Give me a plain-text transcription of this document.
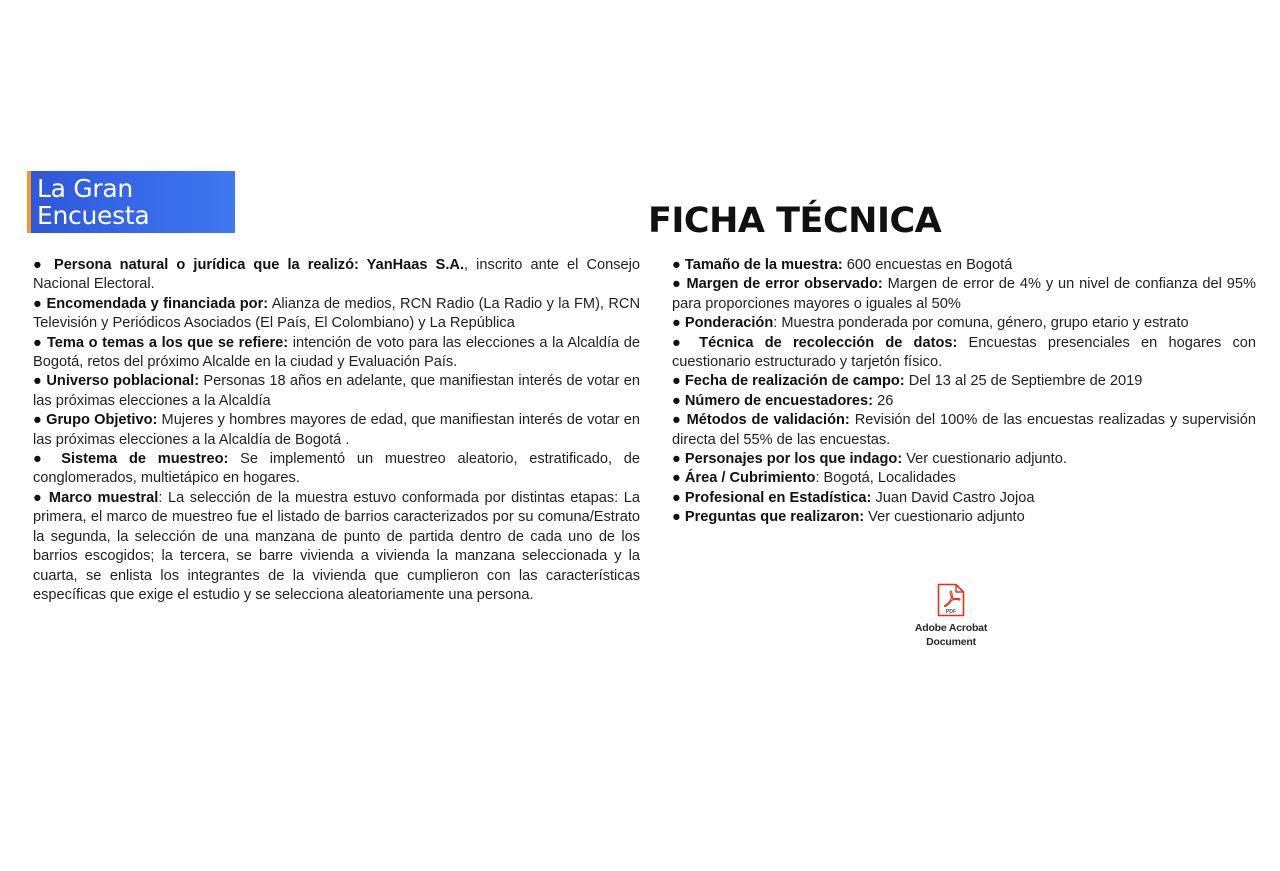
La Gran
Encuesta	FICHA TÉCNICA

● Persona natural o jurídica que la realizó: YanHaas S.A., inscrito ante el Consejo Nacional Electoral.

● Encomendada y financiada por: Alianza de medios, RCN Radio (La Radio y la FM), RCN Televisión y Periódicos Asociados (El País, El Colombiano) y La República

● Tema o temas a los que se refiere: intención de voto para las elecciones a la Alcaldía de Bogotá, retos del próximo Alcalde en la ciudad y Evaluación País.

● Universo poblacional: Personas 18 años en adelante, que manifiestan interés de votar en las próximas elecciones a la Alcaldía

● Grupo Objetivo: Mujeres y hombres mayores de edad, que manifiestan interés de votar en las próximas elecciones a la Alcaldía de Bogotá .

● Sistema de muestreo: Se implementó un muestreo aleatorio, estratificado, de conglomerados, multietápico en hogares.

● Marco muestral: La selección de la muestra estuvo conformada por distintas etapas: La primera, el marco de muestreo fue el listado de barrios caracterizados por su comuna/Estrato la segunda, la selección de una manzana de punto de partida dentro de cada uno de los barrios escogidos; la tercera, se barre vivienda a vivienda la manzana seleccionada y la cuarta, se enlista los integrantes de la vivienda que cumplieron con las características específicas que exige el estudio y se selecciona aleatoriamente una persona.

● Tamaño de la muestra: 600 encuestas en Bogotá

● Margen de error observado: Margen de error de 4% y un nivel de confianza del 95% para proporciones mayores o iguales al 50%

● Ponderación: Muestra ponderada por comuna, género, grupo etario y estrato

● Técnica de recolección de datos: Encuestas presenciales en hogares con cuestionario estructurado y tarjetón físico.

● Fecha de realización de campo: Del 13 al 25 de Septiembre de 2019

● Número de encuestadores: 26

● Métodos de validación: Revisión del 100% de las encuestas realizadas y supervisión directa del 55% de las encuestas.

● Personajes por los que indago: Ver cuestionario adjunto.

● Área / Cubrimiento: Bogotá, Localidades

● Profesional en Estadística: Juan David Castro Jojoa

● Preguntas que realizaron: Ver cuestionario adjunto

PDF
Adobe Acrobat
Document
